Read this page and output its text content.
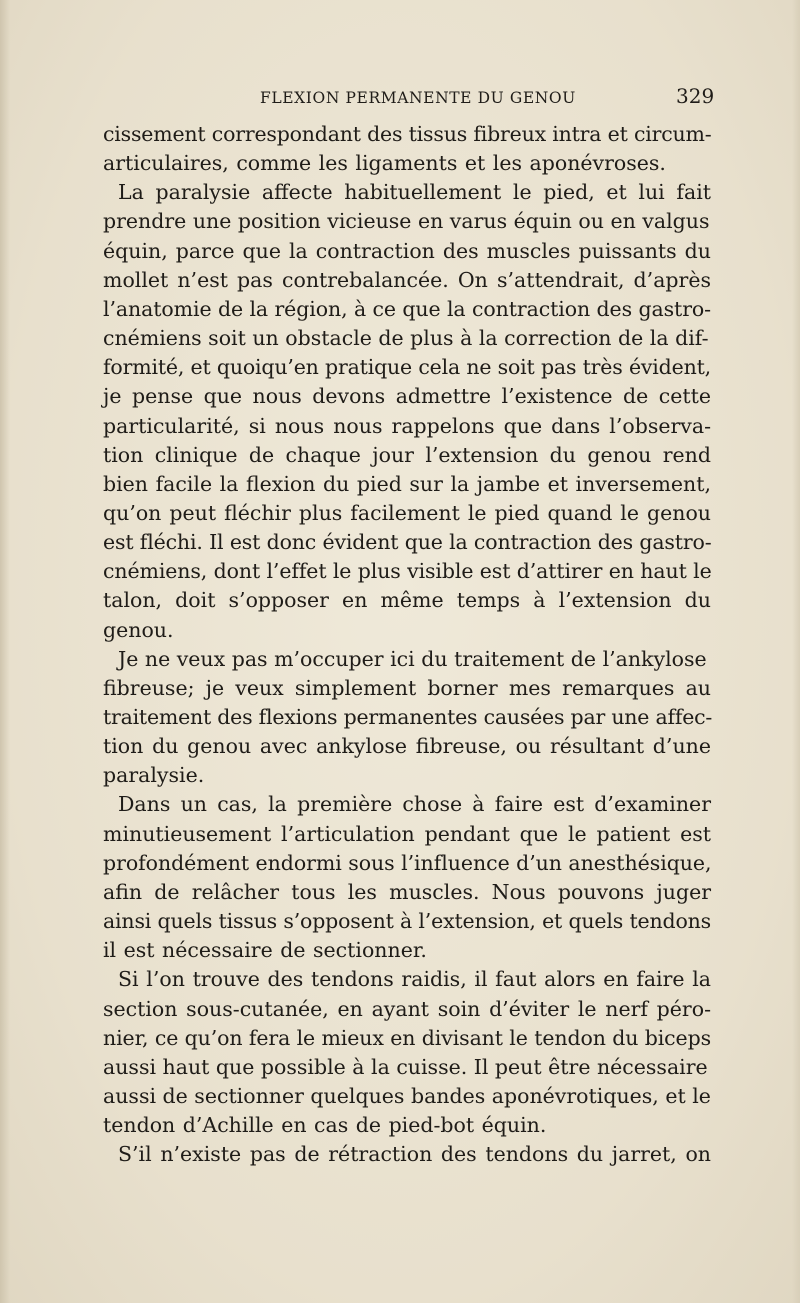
FLEXION PERMANENTE DU GENOU	329
cissement correspondant des tissus fibreux intra et circum-
articulaires, comme les ligaments et les aponévroses.
La paralysie affecte habituellement le pied, et lui fait
prendre une position vicieuse en varus équin ou en valgus
équin, parce que la contraction des muscles puissants du
mollet n’est pas contrebalancée. On s’attendrait, d’après
l’anatomie de la région, à ce que la contraction des gastro-
cnémiens soit un obstacle de plus à la correction de la dif-
formité, et quoiqu’en pratique cela ne soit pas très évident,
je pense que nous devons admettre l’existence de cette
particularité, si nous nous rappelons que dans l’observa-
tion clinique de chaque jour l’extension du genou rend
bien facile la flexion du pied sur la jambe et inversement,
qu’on peut fléchir plus facilement le pied quand le genou
est fléchi. Il est donc évident que la contraction des gastro-
cnémiens, dont l’effet le plus visible est d’attirer en haut le
talon, doit s’opposer en même temps à l’extension du
genou.
Je ne veux pas m’occuper ici du traitement de l’ankylose
fibreuse; je veux simplement borner mes remarques au
traitement des flexions permanentes causées par une affec-
tion du genou avec ankylose fibreuse, ou résultant d’une
paralysie.
Dans un cas, la première chose à faire est d’examiner
minutieusement l’articulation pendant que le patient est
profondément endormi sous l’influence d’un anesthésique,
afin de relâcher tous les muscles. Nous pouvons juger
ainsi quels tissus s’opposent à l’extension, et quels tendons
il est nécessaire de sectionner.
Si l’on trouve des tendons raidis, il faut alors en faire la
section sous-cutanée, en ayant soin d’éviter le nerf péro-
nier, ce qu’on fera le mieux en divisant le tendon du biceps
aussi haut que possible à la cuisse. Il peut être nécessaire
aussi de sectionner quelques bandes aponévrotiques, et le
tendon d’Achille en cas de pied-bot équin.
S’il n’existe pas de rétraction des tendons du jarret, on
